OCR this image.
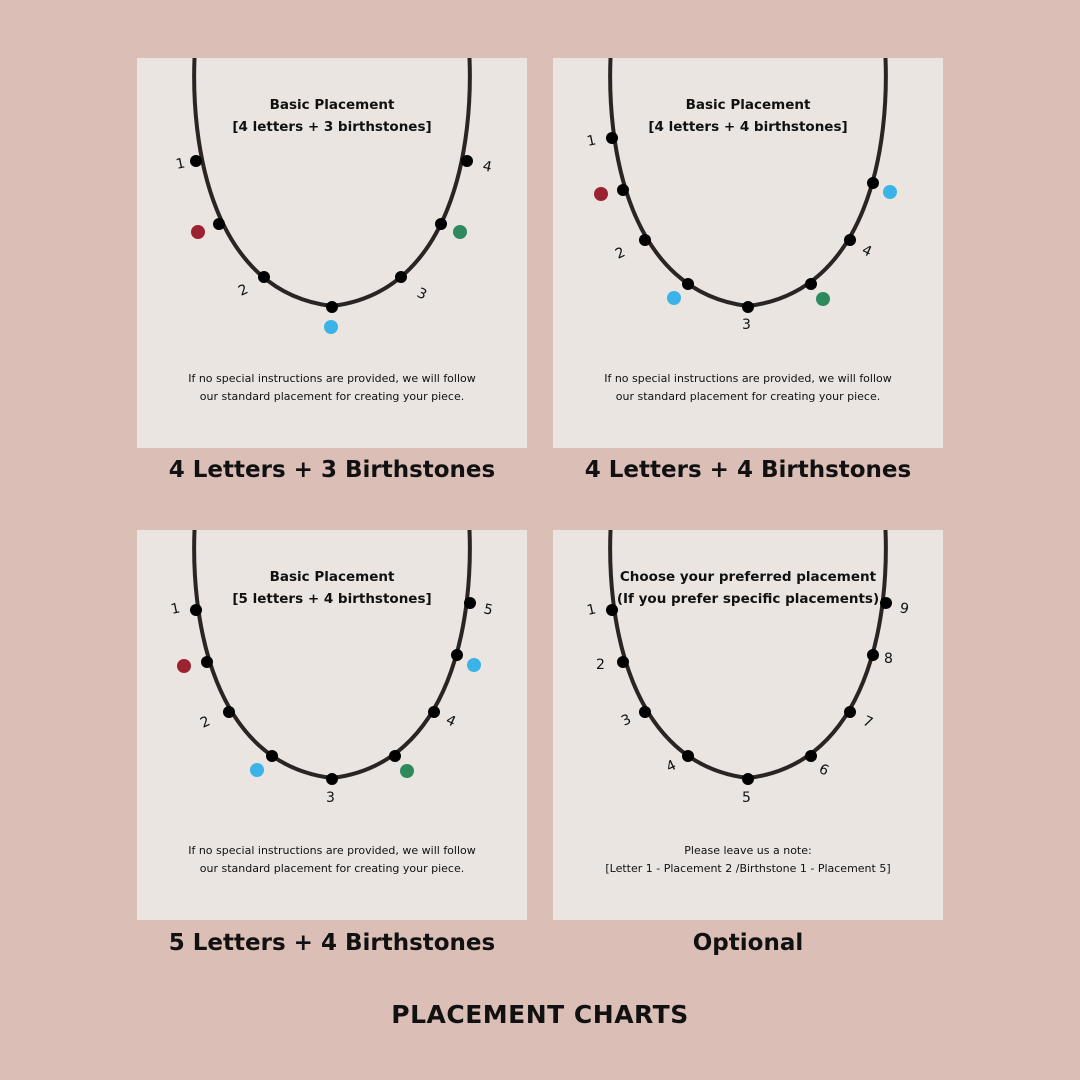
1
2	3
4
Basic Placement
[4 letters + 3 birthstones]
If no special instructions are provided, we will follow
our standard placement for creating your piece.
4 Letters + 3 Birthstones
1
2
3
4
Basic Placement
[4 letters + 4 birthstones]
If no special instructions are provided, we will follow
our standard placement for creating your piece.
4 Letters + 4 Birthstones
1
2
3
4
5
Basic Placement
[5 letters + 4 birthstones]
If no special instructions are provided, we will follow
our standard placement for creating your piece.
5 Letters + 4 Birthstones
1
2
3
4
5
6
7
8
9
Choose your preferred placement
(If you prefer specific placements)
Please leave us a note:
[Letter 1 - Placement 2 /Birthstone 1 - Placement 5]
Optional
PLACEMENT CHARTS
